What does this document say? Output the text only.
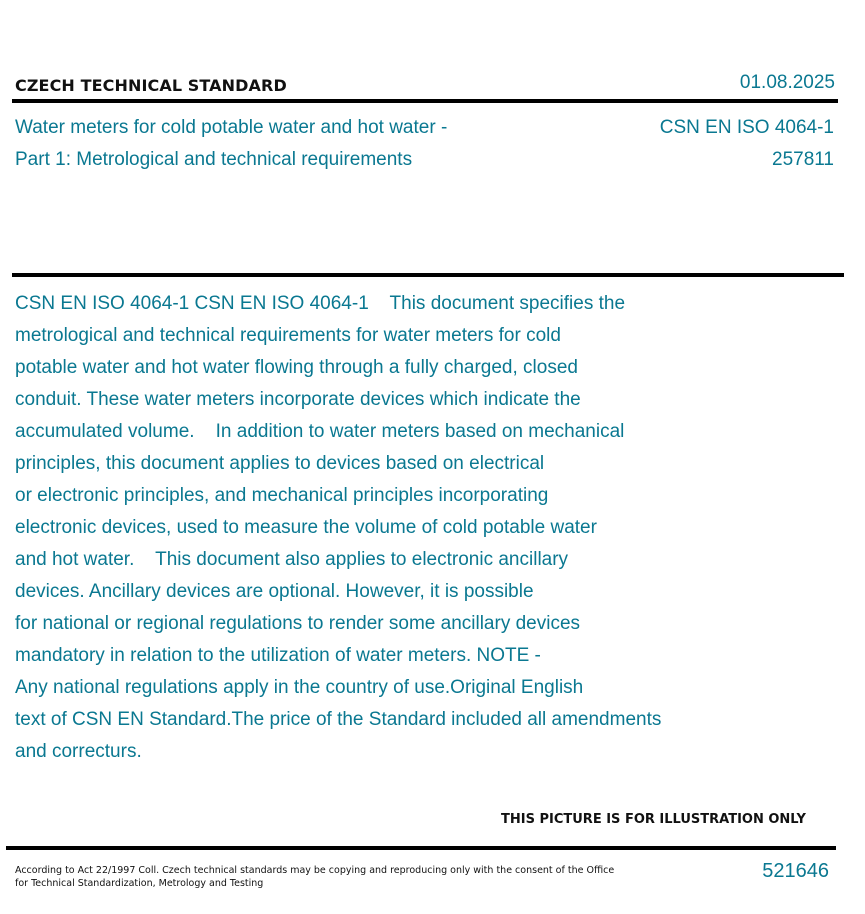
CZECH TECHNICAL STANDARD	01.08.2025
Water meters for cold potable water and hot water -
Part 1: Metrological and technical requirements
CSN EN ISO 4064-1
257811
CSN EN ISO 4064-1 CSN EN ISO 4064-1    This document specifies the
metrological and technical requirements for water meters for cold
potable water and hot water flowing through a fully charged, closed
conduit. These water meters incorporate devices which indicate the
accumulated volume.    In addition to water meters based on mechanical
principles, this document applies to devices based on electrical
or electronic principles, and mechanical principles incorporating
electronic devices, used to measure the volume of cold potable water
and hot water.    This document also applies to electronic ancillary
devices. Ancillary devices are optional. However, it is possible
for national or regional regulations to render some ancillary devices
mandatory in relation to the utilization of water meters. NOTE -
Any national regulations apply in the country of use.Original English
text of CSN EN Standard.The price of the Standard included all amendments
and correcturs.
THIS PICTURE IS FOR ILLUSTRATION ONLY
According to Act 22/1997 Coll. Czech technical standards may be copying and reproducing only with the consent of the Office
for Technical Standardization, Metrology and Testing
521646
